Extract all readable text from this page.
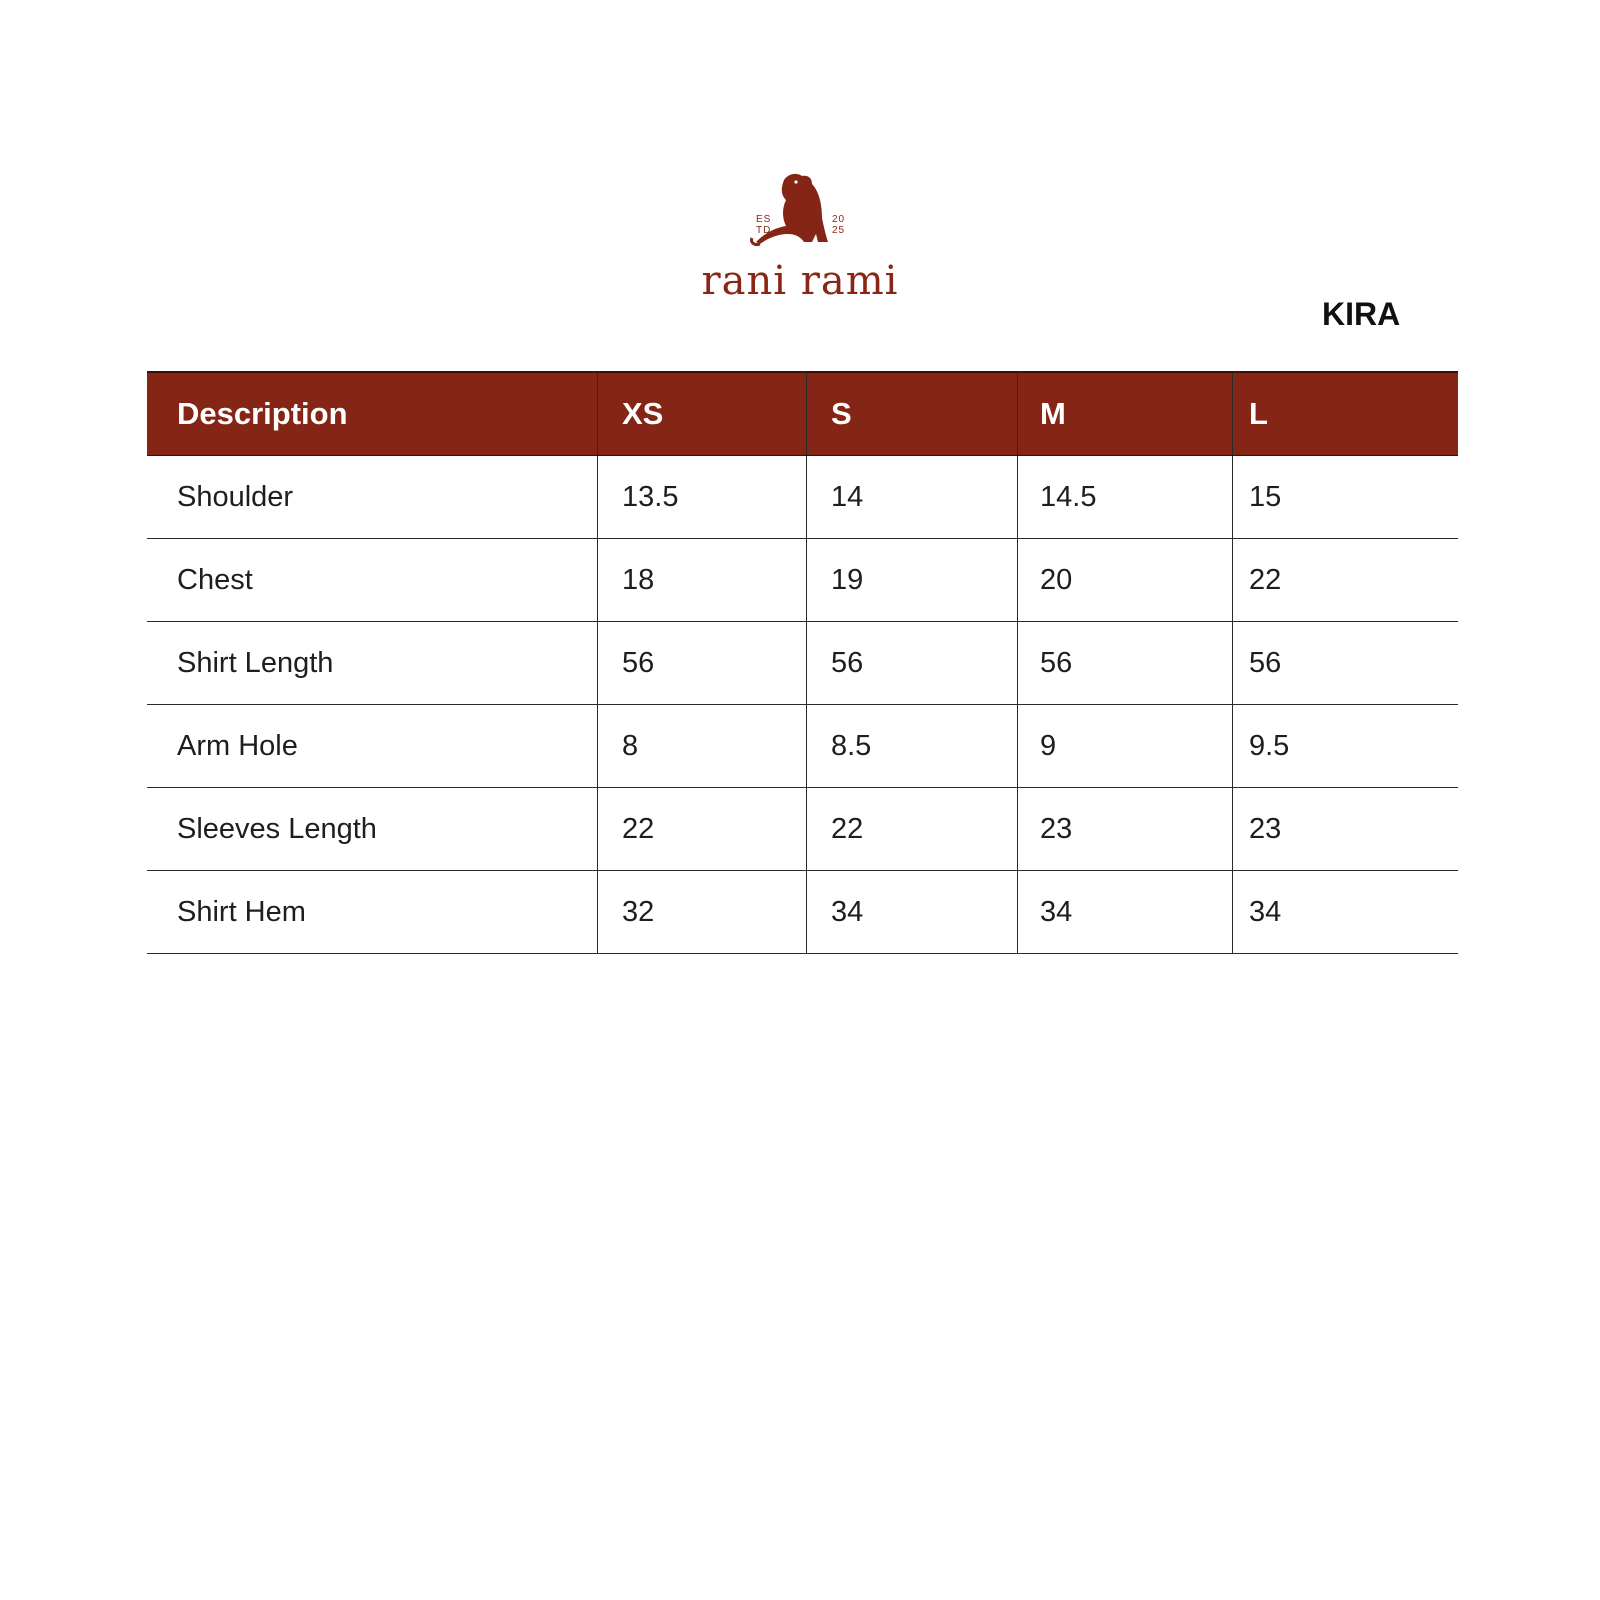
ES
TD
20
25
rani rami
KIRA
Description	XS	S	M	L
Shoulder	13.5	14	14.5	15
Chest	18	19	20	22
Shirt Length	56	56	56	56
Arm Hole	8	8.5	9	9.5
Sleeves Length	22	22	23	23
Shirt Hem	32	34	34	34
